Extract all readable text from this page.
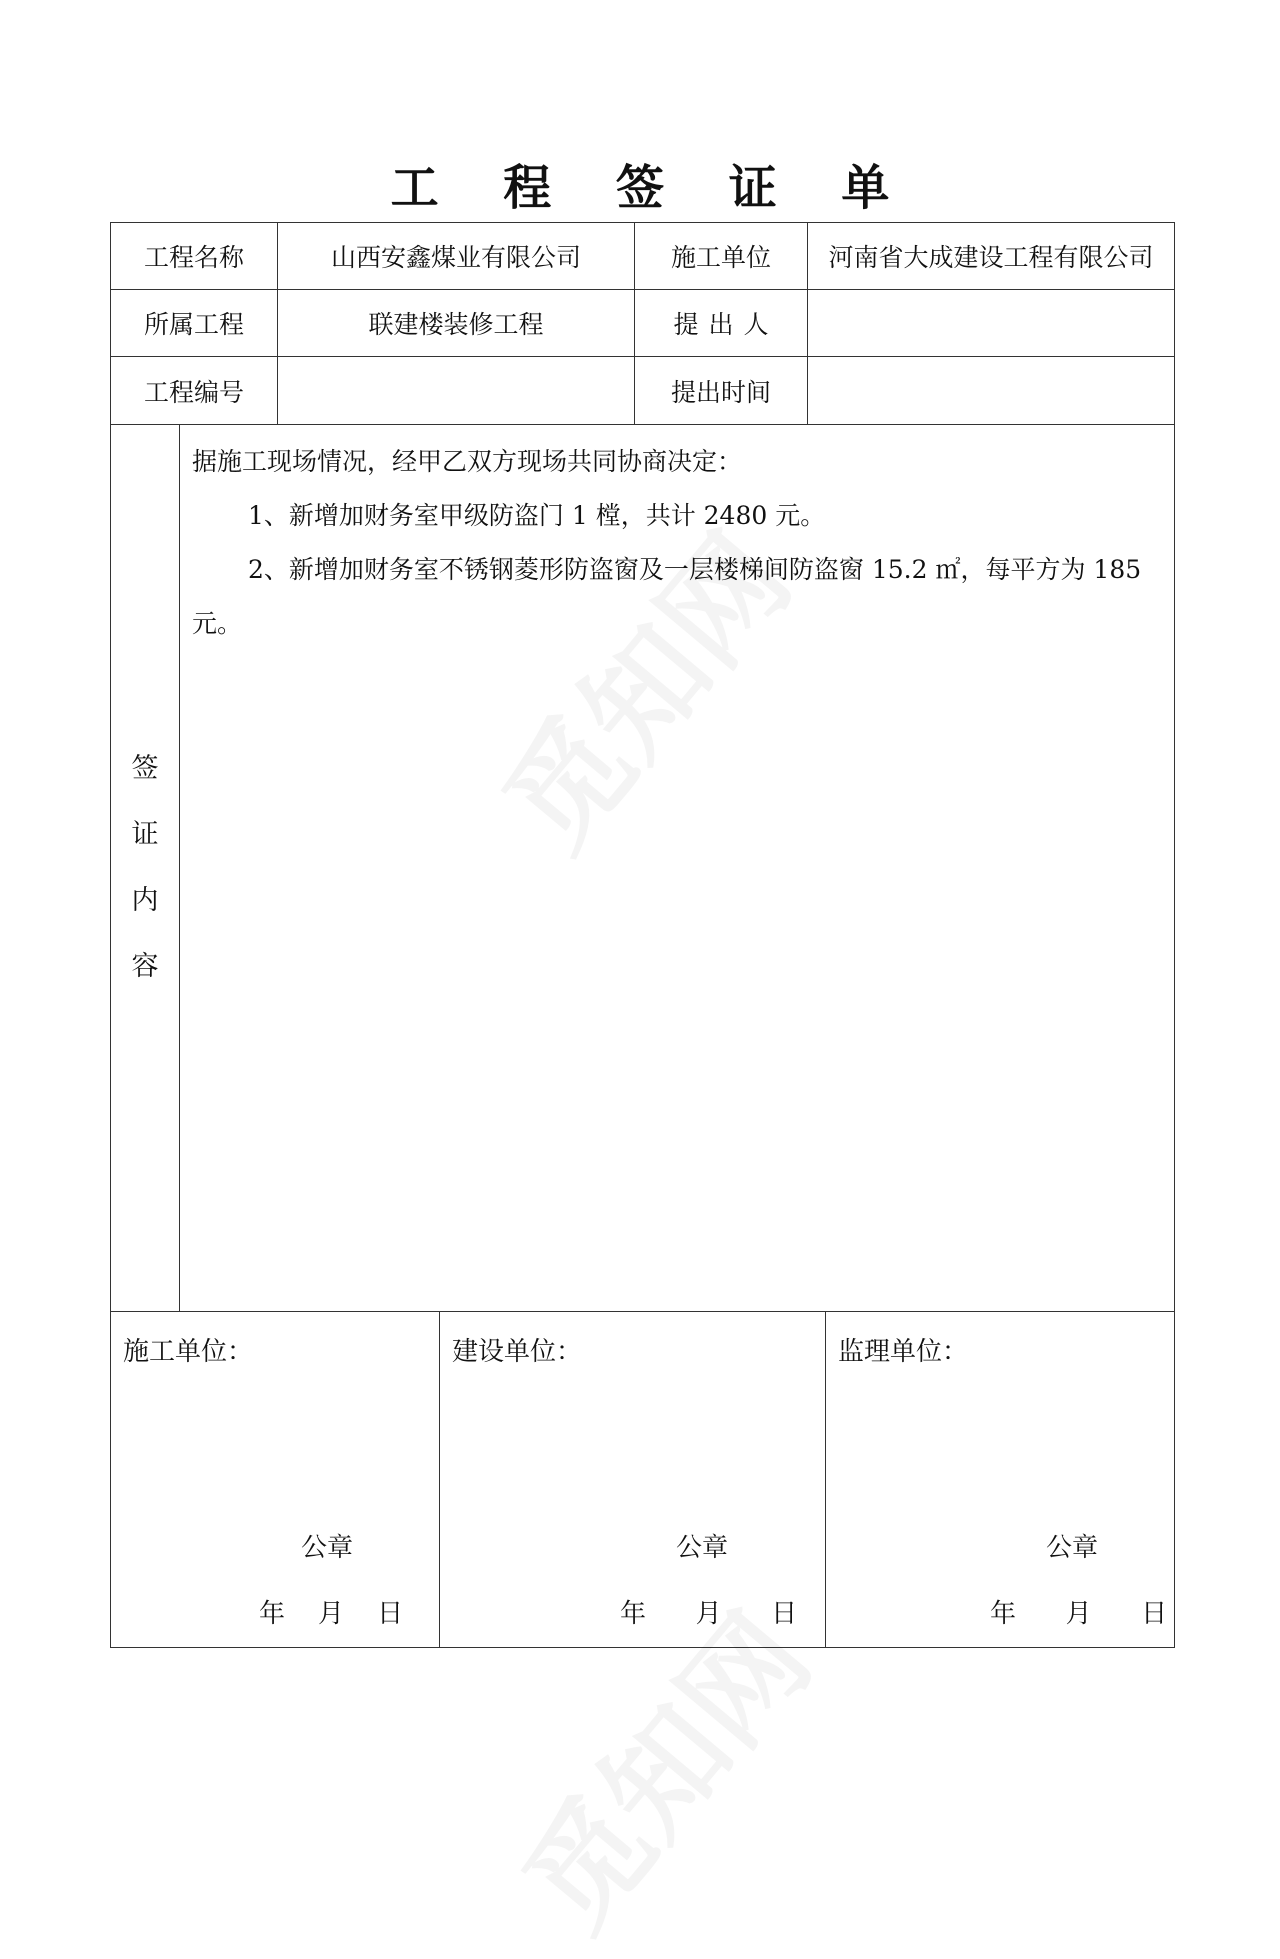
工 程 签 证 单
工程名称	山西安鑫煤业有限公司	施工单位	河南省大成建设工程有限公司
所属工程	联建楼装修工程	提出人	
工程编号		提出时间	
签
证
内
容

据施工现场情况，经甲乙双方现场共同协商决定：

1、新增加财务室甲级防盗门 1 樘，共计 2480 元。

2、新增加财务室不锈钢菱形防盗窗及一层楼梯间防盗窗 15.2 ㎡，每平方为 185 元。

施工单位：
公章
年    月    日

建设单位：
公章
年      月      日

监理单位：
公章
年      月      日
